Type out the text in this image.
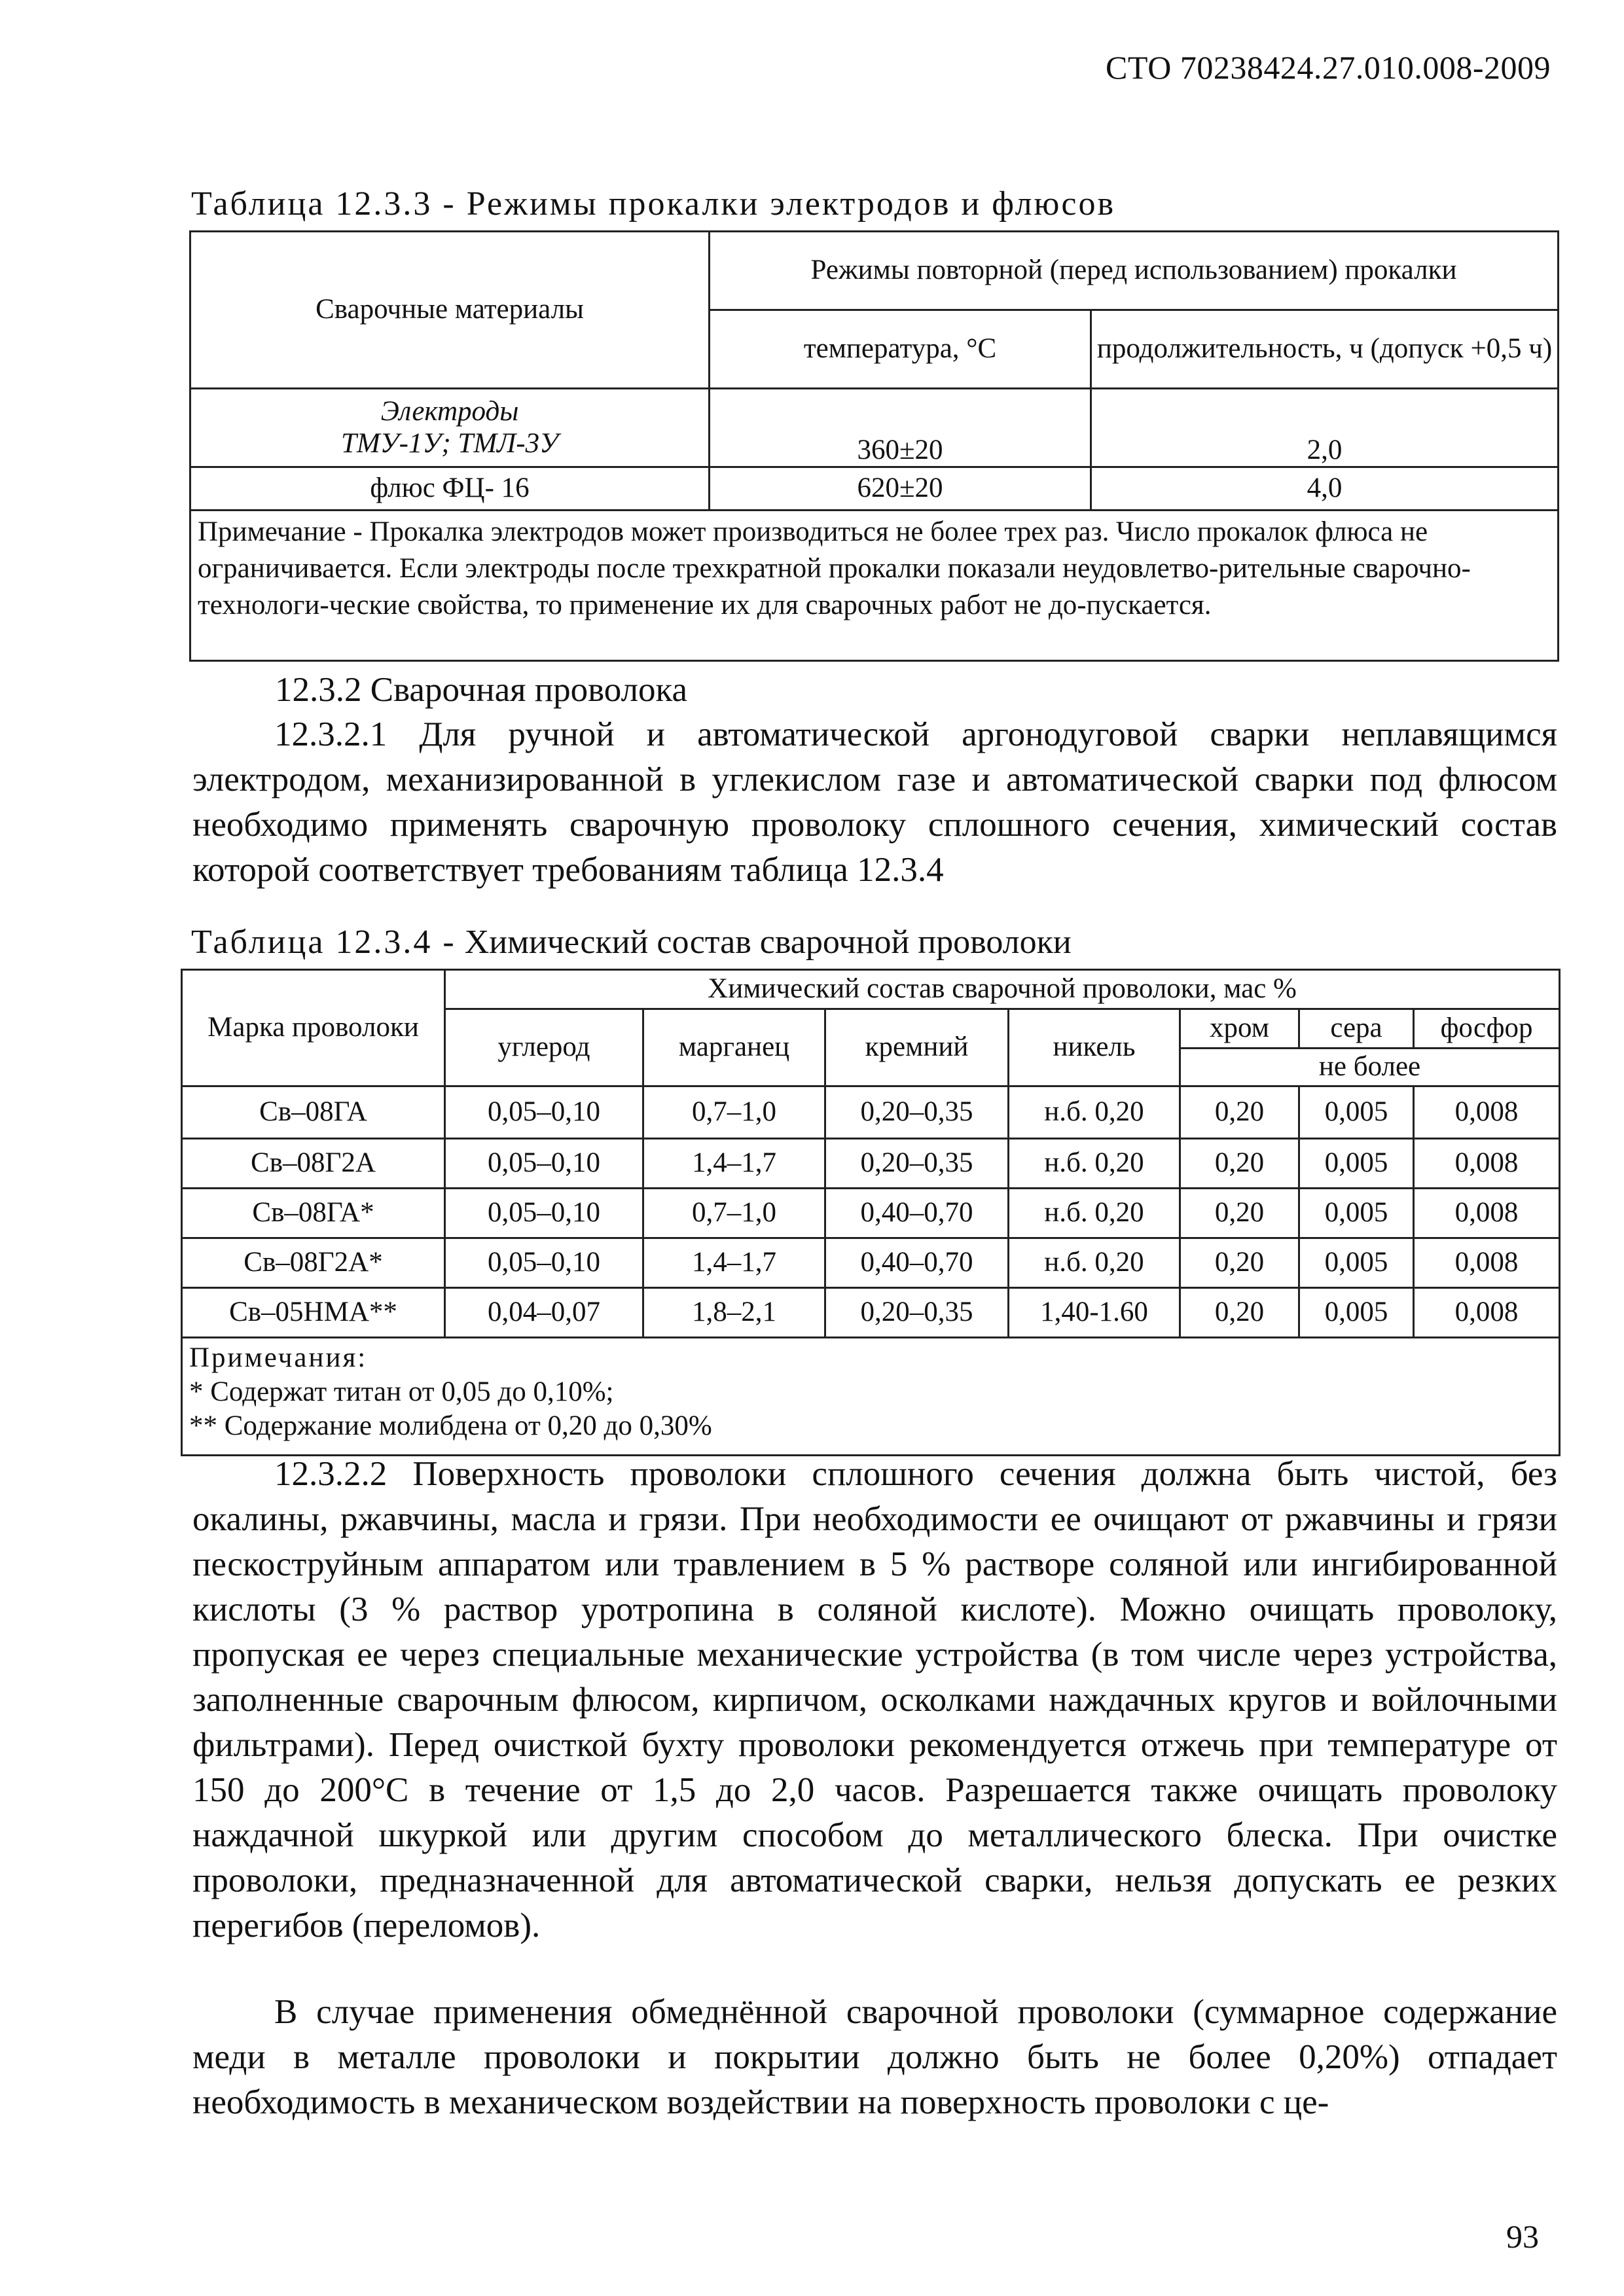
СТО 70238424.27.010.008-2009
Таблица 12.3.3 - Режимы прокалки электродов и флюсов
Сварочные материалы	Режимы повторной (перед использованием) прокалки	
	температура, °С	продолжительность, ч (допуск +0,5 ч)

Электроды
ТМУ-1У; ТМЛ-3У	360±20	2,0
флюс ФЦ- 16	620±20	4,0
Примечание - Прокалка электродов может производиться не более трех раз. Число прокалок флюса не ограничивается. Если электроды после трехкратной прокалки показали неудовлетво-рительные сварочно-технологи-ческие свойства, то применение их для сварочных работ не до-пускается.		
12.3.2 Сварочная проволока

12.3.2.1 Для ручной и автоматической аргонодуговой сварки неплавящимся электродом, механизированной в углекислом газе и автоматической сварки под флюсом необходимо применять сварочную проволоку сплошного сечения, химический состав которой соответствует требованиям таблица 12.3.4

Таблица 12.3.4 - Химический состав сварочной проволоки
Марка проволоки	Химический состав сварочной проволоки, мас %						
	углерод	марганец	кремний	никель	хром	сера	фосфор
					не более		
Св–08ГА	0,05–0,10	0,7–1,0	0,20–0,35	н.б. 0,20	0,20	0,005	0,008
Св–08Г2А	0,05–0,10	1,4–1,7	0,20–0,35	н.б. 0,20	0,20	0,005	0,008
Св–08ГА*	0,05–0,10	0,7–1,0	0,40–0,70	н.б. 0,20	0,20	0,005	0,008
Св–08Г2А*	0,05–0,10	1,4–1,7	0,40–0,70	н.б. 0,20	0,20	0,005	0,008
Св–05НМА**	0,04–0,07	1,8–2,1	0,20–0,35	1,40-1.60	0,20	0,005	0,008

Примечания:
* Содержат титан от 0,05 до 0,10%;
** Содержание молибдена от 0,20 до 0,30%							

12.3.2.2 Поверхность проволоки сплошного сечения должна быть чистой, без окалины, ржавчины, масла и грязи. При необходимости ее очищают от ржавчины и грязи пескоструйным аппаратом или травлением в 5 % растворе соляной или ингибированной кислоты (3 % раствор уротропина в соляной кислоте). Можно очищать проволоку, пропуская ее через специальные механические устройства (в том числе через устройства, заполненные сварочным флюсом, кирпичом, осколками наждачных кругов и войлочными фильтрами). Перед очисткой бухту проволоки рекомендуется отжечь при температуре от 150 до 200°С в течение от 1,5 до 2,0 часов. Разрешается также очищать проволоку наждачной шкуркой или другим способом до металлического блеска. При очистке проволоки, предназначенной для автоматической сварки, нельзя допускать ее резких перегибов (переломов).

В случае применения обмеднённой сварочной проволоки (суммарное содержание меди в металле проволоки и покрытии должно быть не более 0,20%) отпадает необходимость в механическом воздействии на поверхность проволоки с це-

93
